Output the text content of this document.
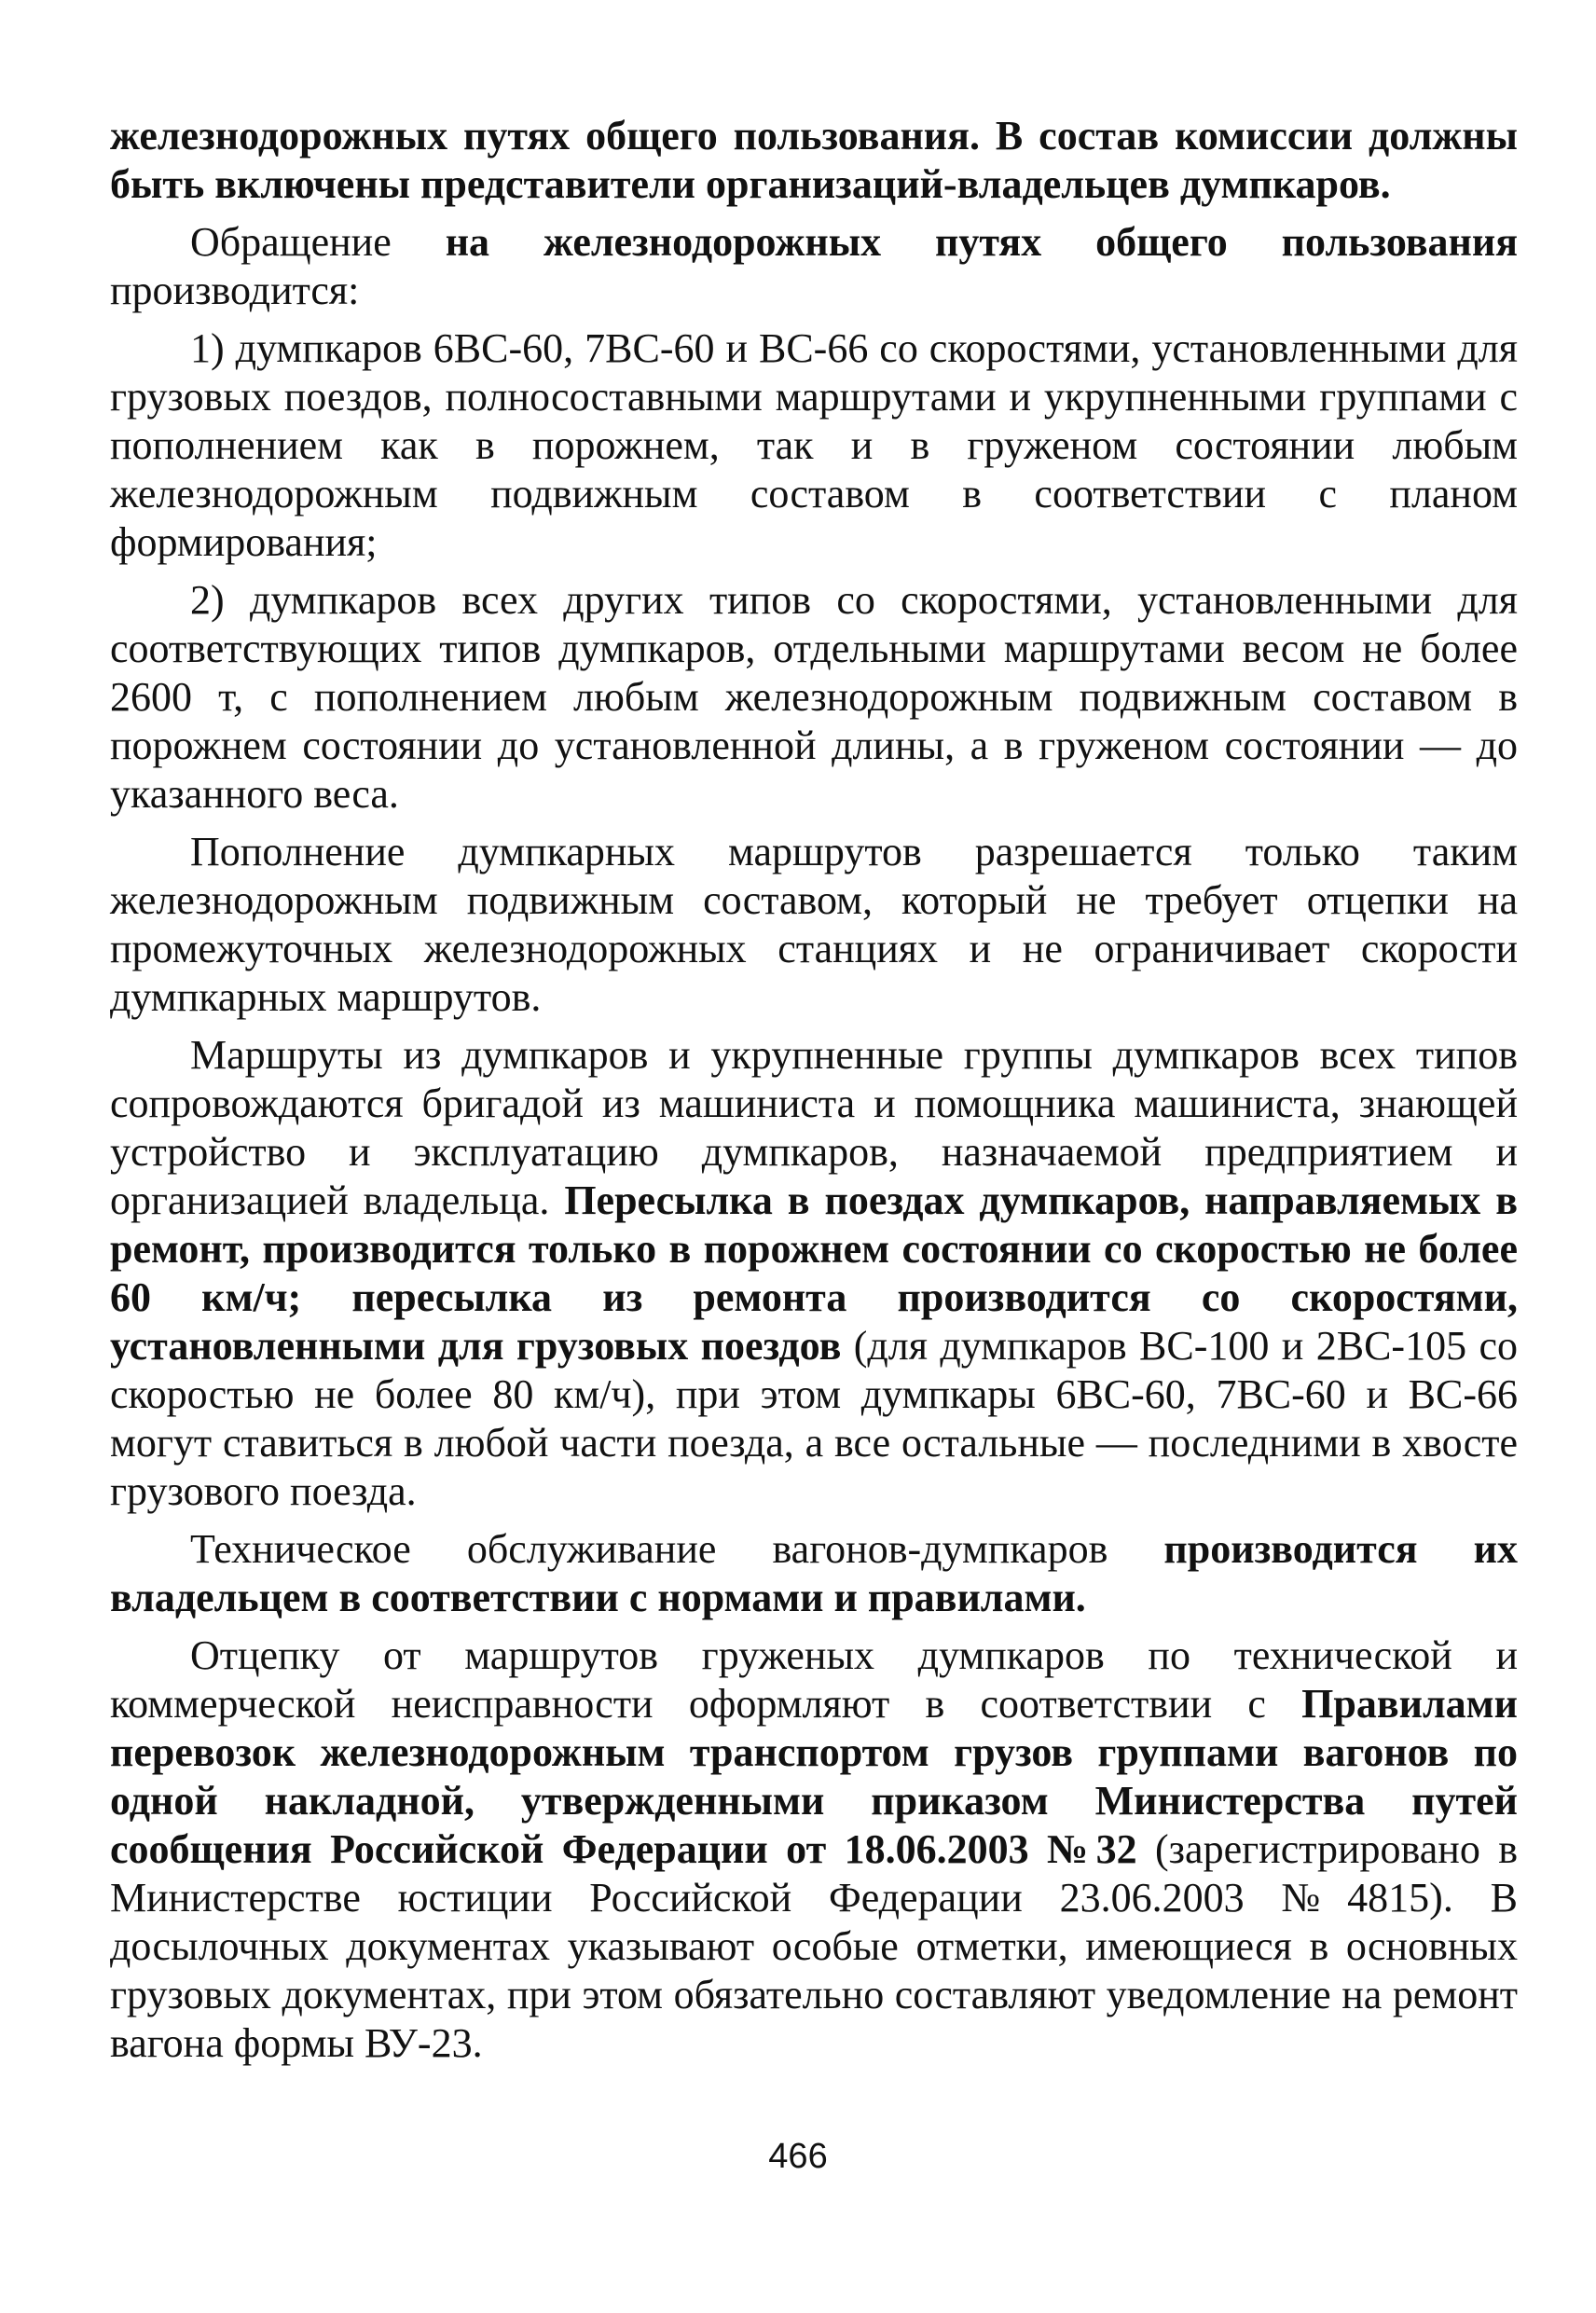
железнодорожных путях общего пользования. В состав комиссии должны быть включены представители организаций-владельцев думпкаров.

Обращение на железнодорожных путях общего пользования производится:

1) думпкаров 6ВС-60, 7ВС-60 и ВС-66 со скоростями, установленными для грузовых поездов, полносоставными маршрутами и укрупненными группами с пополнением как в порожнем, так и в груженом состоянии любым железнодорожным подвижным составом в соответствии с планом формирования;

2) думпкаров всех других типов со скоростями, установленными для соответствующих типов думпкаров, отдельными маршрутами весом не более 2600 т, с пополнением любым железнодорожным подвижным составом в порожнем состоянии до установленной длины, а в груженом состоянии — до указанного веса.

Пополнение думпкарных маршрутов разрешается только таким железнодорожным подвижным составом, который не требует отцепки на промежуточных железнодорожных станциях и не ограничивает скорости думпкарных маршрутов.

Маршруты из думпкаров и укрупненные группы думпкаров всех типов сопровождаются бригадой из машиниста и помощника машиниста, знающей устройство и эксплуатацию думпкаров, назначаемой предприятием и организацией владельца. Пересылка в поездах думпкаров, направляемых в ремонт, производится только в порожнем состоянии со скоростью не более 60 км/ч; пересылка из ремонта производится со скоростями, установленными для грузовых поездов (для думпкаров ВС-100 и 2ВС-105 со скоростью не более 80 км/ч), при этом думпкары 6ВС-60, 7ВС-60 и ВС-66 могут ставиться в любой части поезда, а все остальные — последними в хвосте грузового поезда.

Техническое обслуживание вагонов-думпкаров производится их владельцем в соответствии с нормами и правилами.

Отцепку от маршрутов груженых думпкаров по технической и коммерческой неисправности оформляют в соответствии с Правилами перевозок железнодорожным транспортом грузов группами вагонов по одной накладной, утвержденными приказом Министерства путей сообщения Российской Федерации от 18.06.2003 №32 (зарегистрировано в Министерстве юстиции Российской Федерации 23.06.2003 №4815). В досылочных документах указывают особые отметки, имеющиеся в основных грузовых документах, при этом обязательно составляют уведомление на ремонт вагона формы ВУ-23.

466
